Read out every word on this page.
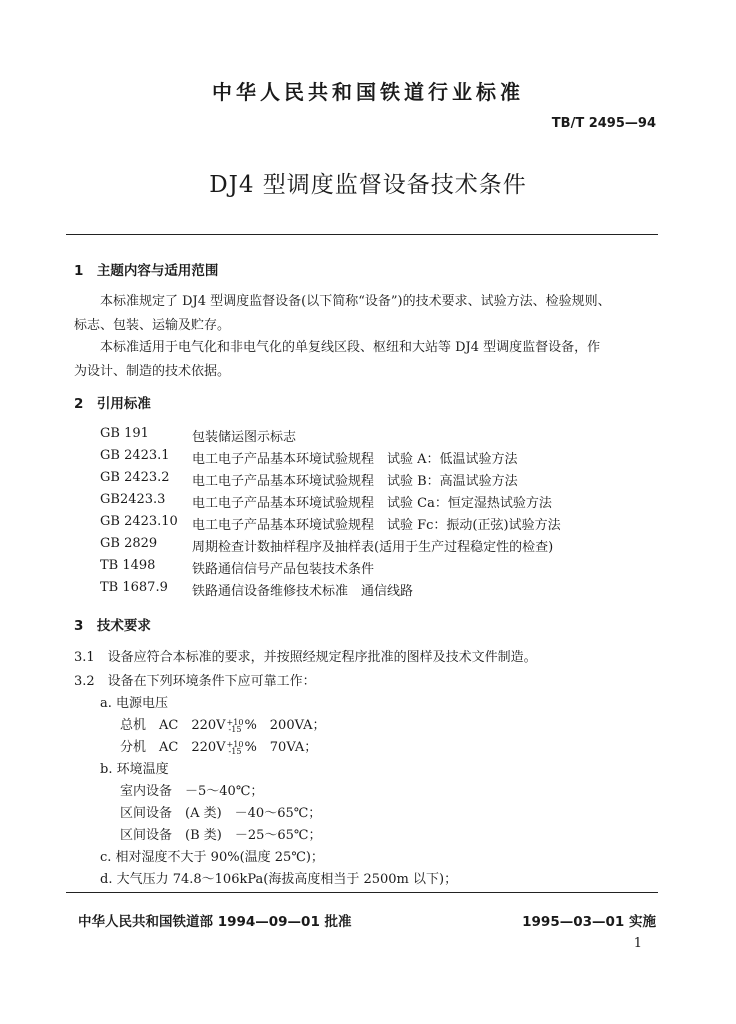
中华人民共和国铁道行业标准
TB/T 2495—94
DJ4 型调度监督设备技术条件
1　主题内容与适用范围
本标准规定了 DJ4 型调度监督设备(以下简称“设备”)的技术要求、试验方法、检验规则、
标志、包装、运输及贮存。
本标准适用于电气化和非电气化的单复线区段、枢纽和大站等 DJ4 型调度监督设备，作
为设计、制造的技术依据。
2　引用标准
GB 191	包装储运图示标志
GB 2423.1 电工电子产品基本环境试验规程　试验 A：低温试验方法
GB 2423.2 电工电子产品基本环境试验规程　试验 B：高温试验方法
GB2423.3 电工电子产品基本环境试验规程　试验 Ca：恒定湿热试验方法
GB 2423.10 电工电子产品基本环境试验规程　试验 Fc：振动(正弦)试验方法
GB 2829	周期检查计数抽样程序及抽样表(适用于生产过程稳定性的检查)
TB 1498	铁路通信信号产品包装技术条件
TB 1687.9 铁路通信设备维修技术标准　通信线路
3　技术要求
3.1　设备应符合本标准的要求，并按照经规定程序批准的图样及技术文件制造。
3.2　设备在下列环境条件下应可靠工作：
a. 电源电压
总机　AC　220V+10
-15 %　200VA；
分机　AC　220V+10
-15 %　70VA；
b. 环境温度
室内设备　－5～40℃；
区间设备　(A 类)　－40～65℃；
区间设备　(B 类)　－25～65℃；
c. 相对湿度不大于 90%(温度 25℃)；
d. 大气压力 74.8～106kPa(海拔高度相当于 2500m 以下)；
中华人民共和国铁道部 1994—09—01 批准	1995—03—01 实施
1
